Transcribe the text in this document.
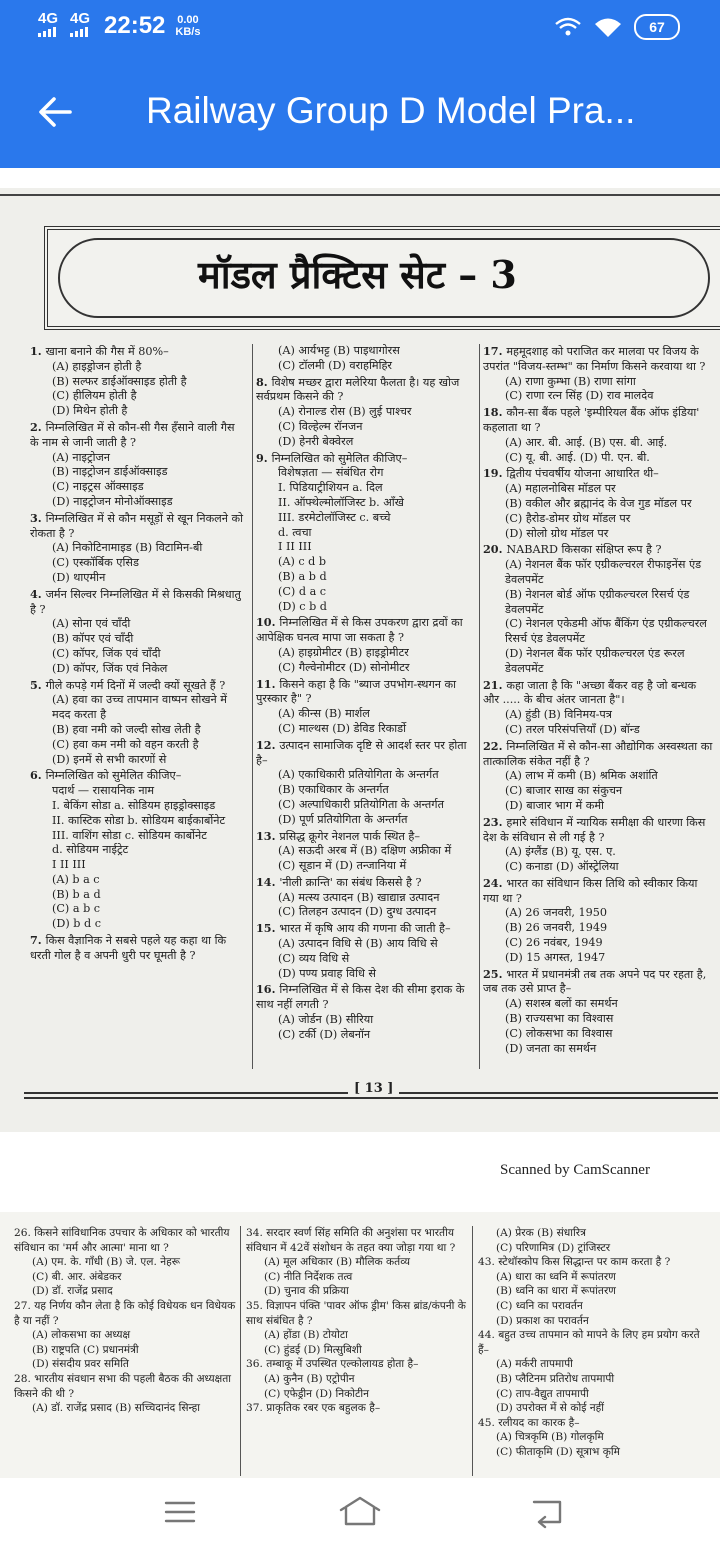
4G 4G 22:52 0.00
KB/s	67
Railway Group D Model Pra...
मॉडल प्रैक्टिस सेट – 3
1. खाना बनाने की गैस में 80%–
(A) हाइड्रोजन होती है
(B) सल्फर डाईऑक्साइड होती है
(C) हीलियम होती है
(D) मिथेन होती है
2. निम्नलिखित में से कौन-सी गैस हँसाने वाली गैस के नाम से जानी जाती है ?
(A) नाइट्रोजन
(B) नाइट्रोजन डाईऑक्साइड
(C) नाइट्रस ऑक्साइड
(D) नाइट्रोजन मोनोऑक्साइड
3. निम्नलिखित में से कौन मसूड़ों से खून निकलने को रोकता है ?
(A) निकोटिनामाइड (B) विटामिन-बी
(C) एस्कॉर्बिक एसिड
(D) थाएमीन
4. जर्मन सिल्वर निम्नलिखित में से किसकी मिश्रधातु है ?
(A) सोना एवं चाँदी
(B) कॉपर एवं चाँदी
(C) कॉपर, जिंक एवं चाँदी
(D) कॉपर, जिंक एवं निकेल
5. गीले कपड़े गर्म दिनों में जल्दी क्यों सूखते हैं ?
(A) हवा का उच्च तापमान वाष्पन सोखने में मदद करता है
(B) हवा नमी को जल्दी सोख लेती है
(C) हवा कम नमी को वहन करती है
(D) इनमें से सभी कारणों से
6. निम्नलिखित को सुमेलित कीजिए–
पदार्थ — रासायनिक नाम
I. बेकिंग सोडा a. सोडियम हाइड्रोक्साइड
II. कास्टिक सोडा b. सोडियम बाईकार्बोनेट
III. वाशिंग सोडा c. सोडियम कार्बोनेट
d. सोडियम नाईट्रेट
I II III
(A) b a c
(B) b a d
(C) a b c
(D) b d c
7. किस वैज्ञानिक ने सबसे पहले यह कहा था कि धरती गोल है व अपनी धुरी पर घूमती है ?
(A) आर्यभट्ट (B) पाइथागोरस
(C) टॉलमी (D) वराहमिहिर
8. विशेष मच्छर द्वारा मलेरिया फैलता है। यह खोज सर्वप्रथम किसने की ?
(A) रोनाल्ड रोस (B) लुई पाश्चर
(C) विल्हेल्म रॉनजन
(D) हेनरी बेक्वेरल
9. निम्नलिखित को सुमेलित कीजिए–
विशेषज्ञता — संबंधित रोग
I. पिडियाट्रीशियन a. दिल
II. ऑफ्थेल्मोलॉजिस्ट b. आँखे
III. डरमेटोलॉजिस्ट c. बच्चे
d. त्वचा
I II III
(A) c d b
(B) a b d
(C) d a c
(D) c b d
10. निम्नलिखित में से किस उपकरण द्वारा द्रवों का आपेक्षिक घनत्व मापा जा सकता है ?
(A) हाइग्रोमीटर (B) हाइड्रोमीटर
(C) गैल्वेनोमीटर (D) सोनोमीटर
11. किसने कहा है कि "ब्याज उपभोग-स्थगन का पुरस्कार है" ?
(A) कीन्स (B) मार्शल
(C) माल्थस (D) डेविड रिकार्डो
12. उत्पादन सामाजिक दृष्टि से आदर्श स्तर पर होता है–
(A) एकाधिकारी प्रतियोगिता के अन्तर्गत
(B) एकाधिकार के अन्तर्गत
(C) अल्पाधिकारी प्रतियोगिता के अन्तर्गत
(D) पूर्ण प्रतियोगिता के अन्तर्गत
13. प्रसिद्ध क्रूगेर नेशनल पार्क स्थित है–
(A) सऊदी अरब में (B) दक्षिण अफ्रीका में
(C) सूडान में (D) तन्जानिया में
14. 'नीली क्रान्ति' का संबंध किससे है ?
(A) मत्स्य उत्पादन (B) खाद्यान्न उत्पादन
(C) तिलहन उत्पादन (D) दुग्ध उत्पादन
15. भारत में कृषि आय की गणना की जाती है–
(A) उत्पादन विधि से (B) आय विधि से
(C) व्यय विधि से
(D) पण्य प्रवाह विधि से
16. निम्नलिखित में से किस देश की सीमा इराक के साथ नहीं लगती ?
(A) जोर्डन (B) सीरिया
(C) टर्की (D) लेबनॉन
17. महमूदशाह को पराजित कर मालवा पर विजय के उपरांत "विजय-स्तम्भ" का निर्माण किसने करवाया था ?
(A) राणा कुम्भा (B) राणा सांगा
(C) राणा रत्न सिंह (D) राव मालदेव
18. कौन-सा बैंक पहले 'इम्पीरियल बैंक ऑफ इंडिया' कहलाता था ?
(A) आर. बी. आई. (B) एस. बी. आई.
(C) यू. बी. आई. (D) पी. एन. बी.
19. द्वितीय पंचवर्षीय योजना आधारित थी–
(A) महालनोबिस मॉडल पर
(B) वकील और ब्रह्मानंद के वेज गुड मॉडल पर
(C) हैरोड-डोमर ग्रोथ मॉडल पर
(D) सोलो ग्रोथ मॉडल पर
20. NABARD किसका संक्षिप्त रूप है ?
(A) नेशनल बैंक फॉर एग्रीकल्चरल रीफाइनेंस एंड डेवलपमेंट
(B) नेशनल बोर्ड ऑफ एग्रीकल्चरल रिसर्च एंड डेवलपमेंट
(C) नेशनल एकेडमी ऑफ बैंकिंग एंड एग्रीकल्चरल रिसर्च एंड डेवलपमेंट
(D) नेशनल बैंक फॉर एग्रीकल्चरल एंड रूरल डेवलपमेंट
21. कहा जाता है कि "अच्छा बैंकर वह है जो बन्धक और ..... के बीच अंतर जानता है"।
(A) हुंडी (B) विनिमय-पत्र
(C) तरल परिसंपत्तियाँ (D) बॉन्ड
22. निम्नलिखित में से कौन-सा औद्योगिक अस्वस्थता का तात्कालिक संकेत नहीं है ?
(A) लाभ में कमी (B) श्रमिक अशांति
(C) बाजार साख का संकुचन
(D) बाजार भाग में कमी
23. हमारे संविधान में न्यायिक समीक्षा की धारणा किस देश के संविधान से ली गई है ?
(A) इंग्लैंड (B) यू. एस. ए.
(C) कनाडा (D) ऑस्ट्रेलिया
24. भारत का संविधान किस तिथि को स्वीकार किया गया था ?
(A) 26 जनवरी, 1950
(B) 26 जनवरी, 1949
(C) 26 नवंबर, 1949
(D) 15 अगस्त, 1947
25. भारत में प्रधानमंत्री तब तक अपने पद पर रहता है, जब तक उसे प्राप्त है–
(A) सशस्त्र बलों का समर्थन
(B) राज्यसभा का विश्वास
(C) लोकसभा का विश्वास
(D) जनता का समर्थन
[ 13 ]
Scanned by CamScanner
26. किसने सांविधानिक उपचार के अधिकार को भारतीय संविधान का 'मर्म और आत्मा' माना था ?
(A) एम. के. गाँधी (B) जे. एल. नेहरू
(C) बी. आर. अंबेडकर
(D) डॉ. राजेंद्र प्रसाद
27. यह निर्णय कौन लेता है कि कोई विधेयक धन विधेयक है या नहीं ?
(A) लोकसभा का अध्यक्ष
(B) राष्ट्रपति (C) प्रधानमंत्री
(D) संसदीय प्रवर समिति
28. भारतीय संवधान सभा की पहली बैठक की अध्यक्षता किसने की थी ?
(A) डॉ. राजेंद्र प्रसाद (B) सच्चिदानंद सिन्हा
34. सरदार स्वर्ण सिंह समिति की अनुशंसा पर भारतीय संविधान में 42वें संशोधन के तहत क्या जोड़ा गया था ?
(A) मूल अधिकार (B) मौलिक कर्तव्य
(C) नीति निर्देशक तत्व
(D) चुनाव की प्रक्रिया
35. विज्ञापन पंक्ति 'पावर ऑफ ड्रीम' किस ब्रांड/कंपनी के साथ संबंधित है ?
(A) होंडा (B) टोयोटा
(C) हुंडई (D) मित्सुबिशी
36. तम्बाकू में उपस्थित एल्कोलायड होता है–
(A) कुनैन (B) एट्रोपीन
(C) एफेड्रीन (D) निकोटीन
37. प्राकृतिक रबर एक बहुलक है–
(A) प्रेरक (B) संधारित्र
(C) परिणामित्र (D) ट्रांजिस्टर
43. स्टेथॉस्कोप किस सिद्धान्त पर काम करता है ?
(A) धारा का ध्वनि में रूपांतरण
(B) ध्वनि का धारा में रूपांतरण
(C) ध्वनि का परावर्तन
(D) प्रकाश का परावर्तन
44. बहुत उच्च तापमान को मापने के लिए हम प्रयोग करते हैं–
(A) मर्करी तापमापी
(B) प्लैटिनम प्रतिरोध तापमापी
(C) ताप-वैद्युत तापमापी
(D) उपरोक्त में से कोई नहीं
45. रलीयद का कारक है–
(A) चित्रकृमि (B) गोलकृमि
(C) फीताकृमि (D) सूत्राभ कृमि
